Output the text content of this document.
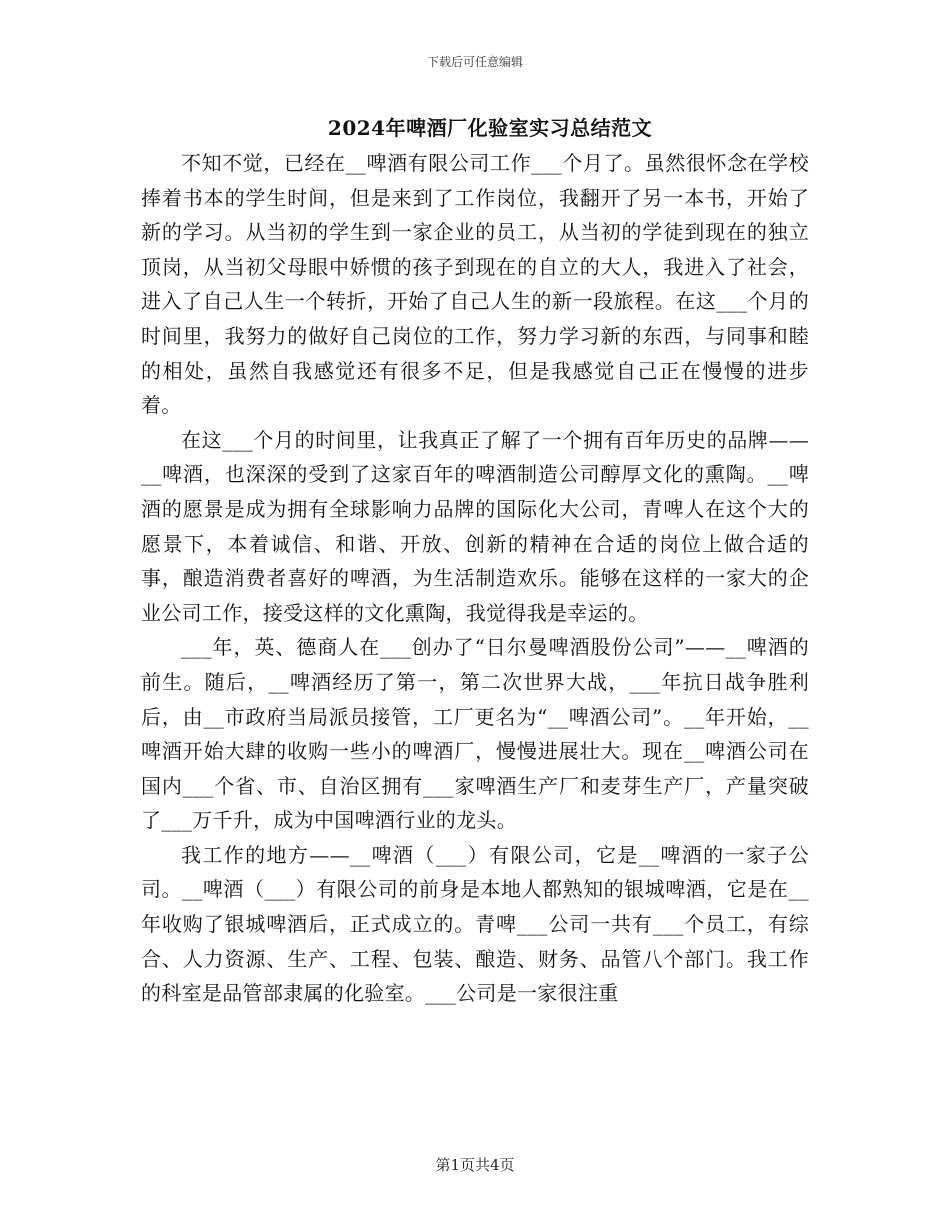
下载后可任意编辑
2024年啤酒厂化验室实习总结范文

不知不觉，已经在__啤酒有限公司工作___个月了。虽然很怀念在学校捧着书本的学生时间，但是来到了工作岗位，我翻开了另一本书，开始了新的学习。从当初的学生到一家企业的员工，从当初的学徒到现在的独立顶岗，从当初父母眼中娇惯的孩子到现在的自立的大人，我进入了社会，进入了自己人生一个转折，开始了自己人生的新一段旅程。在这___个月的时间里，我努力的做好自己岗位的工作，努力学习新的东西，与同事和睦的相处，虽然自我感觉还有很多不足，但是我感觉自己正在慢慢的进步着。

在这___个月的时间里，让我真正了解了一个拥有百年历史的品牌——__啤酒，也深深的受到了这家百年的啤酒制造公司醇厚文化的熏陶。__啤酒的愿景是成为拥有全球影响力品牌的国际化大公司，青啤人在这个大的愿景下，本着诚信、和谐、开放、创新的精神在合适的岗位上做合适的事，酿造消费者喜好的啤酒，为生活制造欢乐。能够在这样的一家大的企业公司工作，接受这样的文化熏陶，我觉得我是幸运的。

___年，英、德商人在___创办了“日尔曼啤酒股份公司”——__啤酒的前生。随后，__啤酒经历了第一，第二次世界大战，___年抗日战争胜利后，由__市政府当局派员接管，工厂更名为“__啤酒公司”。__年开始，__啤酒开始大肆的收购一些小的啤酒厂，慢慢进展壮大。现在__啤酒公司在国内___个省、市、自治区拥有___家啤酒生产厂和麦芽生产厂，产量突破了___万千升，成为中国啤酒行业的龙头。

我工作的地方——__啤酒（___）有限公司，它是__啤酒的一家子公司。__啤酒（___）有限公司的前身是本地人都熟知的银城啤酒，它是在__年收购了银城啤酒后，正式成立的。青啤___公司一共有___个员工，有综合、人力资源、生产、工程、包装、酿造、财务、品管八个部门。我工作的科室是品管部隶属的化验室。___公司是一家很注重

第1页共4页
